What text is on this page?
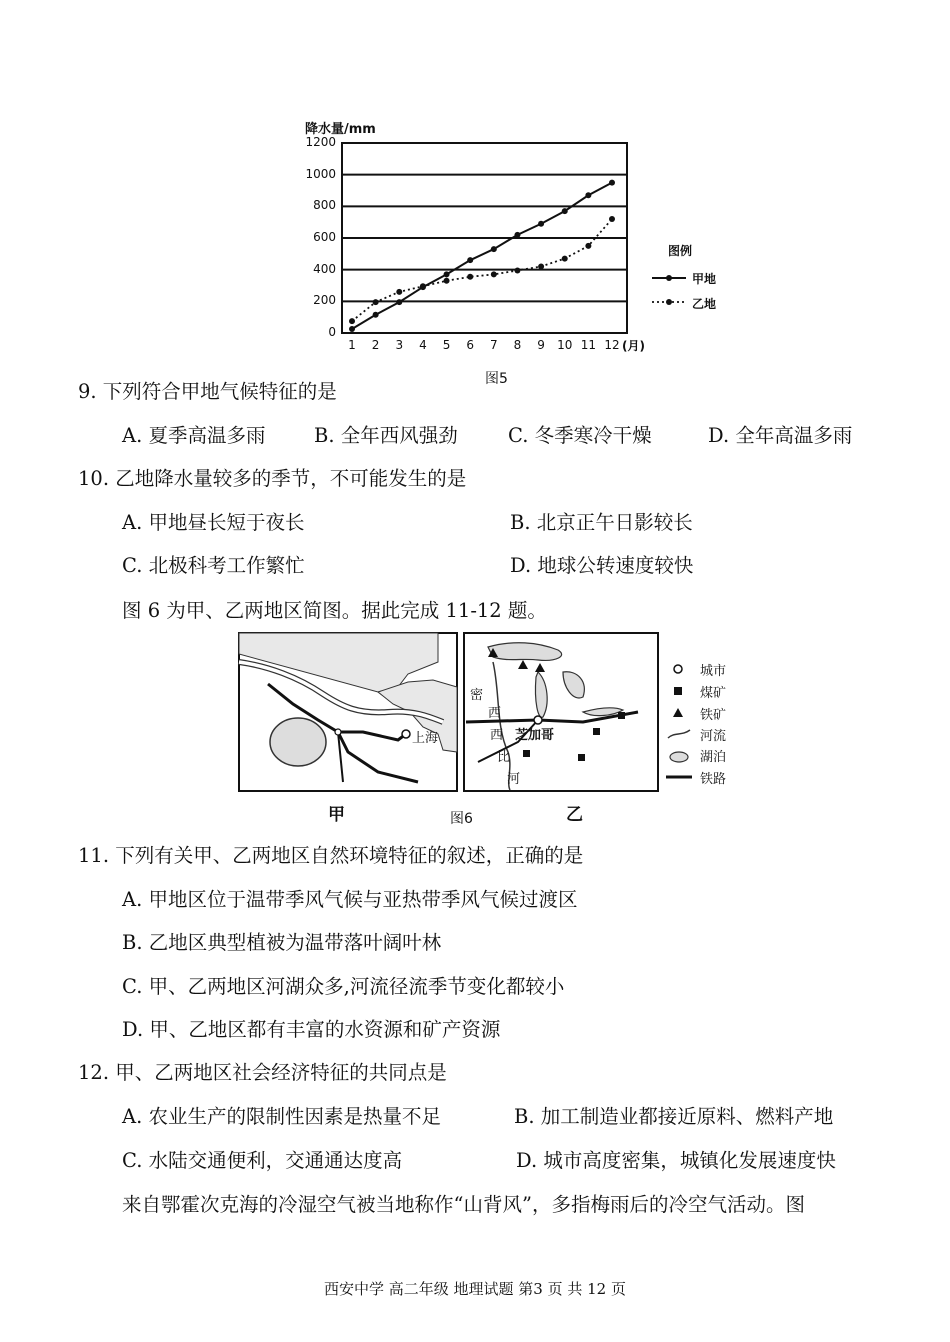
降水量/mm
1200
1000
800
600
400
200
0
1	2	3	4	5	6	7	8	9	10 11 12 (月)
图例
甲地
乙地
图5
9. 下列符合甲地气候特征的是
A. 夏季高温多雨 B. 全年西风强劲	C. 冬季寒冷干燥	D. 全年高温多雨
10. 乙地降水量较多的季节，不可能发生的是
A. 甲地昼长短于夜长	B. 北京正午日影较长
C. 北极科考工作繁忙	D. 地球公转速度较快
图 6 为甲、乙两地区简图。据此完成 11-12 题。
上海	芝加哥
密
西
西
比
河
城市
煤矿
铁矿
河流
湖泊
铁路
甲	图6	乙
11. 下列有关甲、乙两地区自然环境特征的叙述，正确的是
A. 甲地区位于温带季风气候与亚热带季风气候过渡区
B. 乙地区典型植被为温带落叶阔叶林
C. 甲、乙两地区河湖众多,河流径流季节变化都较小
D. 甲、乙地区都有丰富的水资源和矿产资源
12. 甲、乙两地区社会经济特征的共同点是
A. 农业生产的限制性因素是热量不足	B. 加工制造业都接近原料、燃料产地
C. 水陆交通便利，交通通达度高	D. 城市高度密集，城镇化发展速度快
来自鄂霍次克海的冷湿空气被当地称作“山背风”，多指梅雨后的冷空气活动。图
西安中学 高二年级 地理试题 第3 页 共 12 页
